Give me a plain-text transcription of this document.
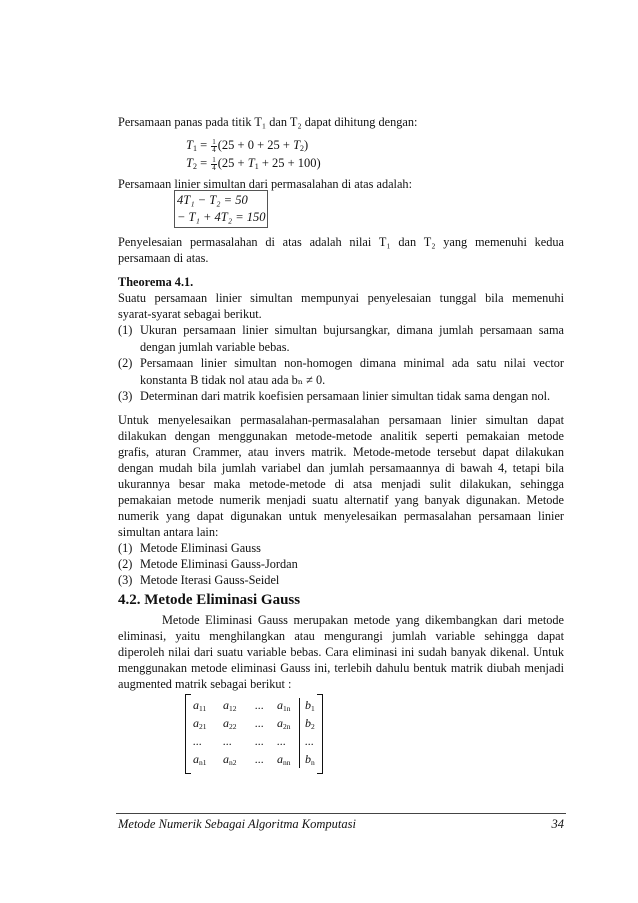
Persamaan panas pada titik T₁ dan T₂ dapat dihitung dengan:

$T_1 = \frac{1}{4} (25 + 0 + 25 + T_2)$
$T_2 = \frac{1}{4} (25 + T_1 + 25 + 100)$

Persamaan linier simultan dari permasalahan di atas adalah:

4T₁ − T₂ = 50
− T₁ + 4T₂ = 150

Penyelesaian permasalahan di atas adalah nilai T₁ dan T₂ yang memenuhi kedua

persamaan di atas.

Theorema 4.1.

Suatu persamaan linier simultan mempunyai penyelesaian tunggal bila memenuhi

syarat-syarat sebagai berikut.

(1) Ukuran persamaan linier simultan bujursangkar, dimana jumlah persamaan sama
dengan jumlah variable bebas.
(2) Persamaan linier simultan non-homogen dimana minimal ada satu nilai vector
konstanta B tidak nol atau ada bₙ ≠ 0.
(3) Determinan dari matrik koefisien persamaan linier simultan tidak sama dengan nol.

Untuk menyelesaikan permasalahan-permasalahan persamaan linier simultan dapat

dilakukan dengan menggunakan metode-metode analitik seperti pemakaian metode

grafis, aturan Crammer, atau invers matrik. Metode-metode tersebut dapat dilakukan

dengan mudah bila jumlah variabel dan jumlah persamaannya di bawah 4, tetapi bila

ukurannya besar maka metode-metode di atsa menjadi sulit dilakukan, sehingga

pemakaian metode numerik menjadi suatu alternatif yang banyak digunakan. Metode

numerik yang dapat digunakan untuk menyelesaikan permasalahan persamaan linier

simultan antara lain:

(1) Metode Eliminasi Gauss
(2) Metode Eliminasi Gauss-Jordan
(3) Metode Iterasi Gauss-Seidel
4.2. Metode Eliminasi Gauss

Metode Eliminasi Gauss merupakan metode yang dikembangkan dari metode

eliminasi, yaitu menghilangkan atau mengurangi jumlah variable sehingga dapat

diperoleh nilai dari suatu variable bebas. Cara eliminasi ini sudah banyak dikenal. Untuk

menggunakan metode eliminasi Gauss ini, terlebih dahulu bentuk matrik diubah menjadi

augmented matrik sebagai berikut :

$a_{11}$ $a_{12}$ ... $a_{1n}$ $b_1$
$a_{21}$ $a_{22}$ ... $a_{2n}$ $b_2$
... ... ... ... ...
$a_{n1}$ $a_{n2}$ ... $a_{nn}$ $b_n$
Metode Numerik Sebagai Algoritma Komputasi	34
